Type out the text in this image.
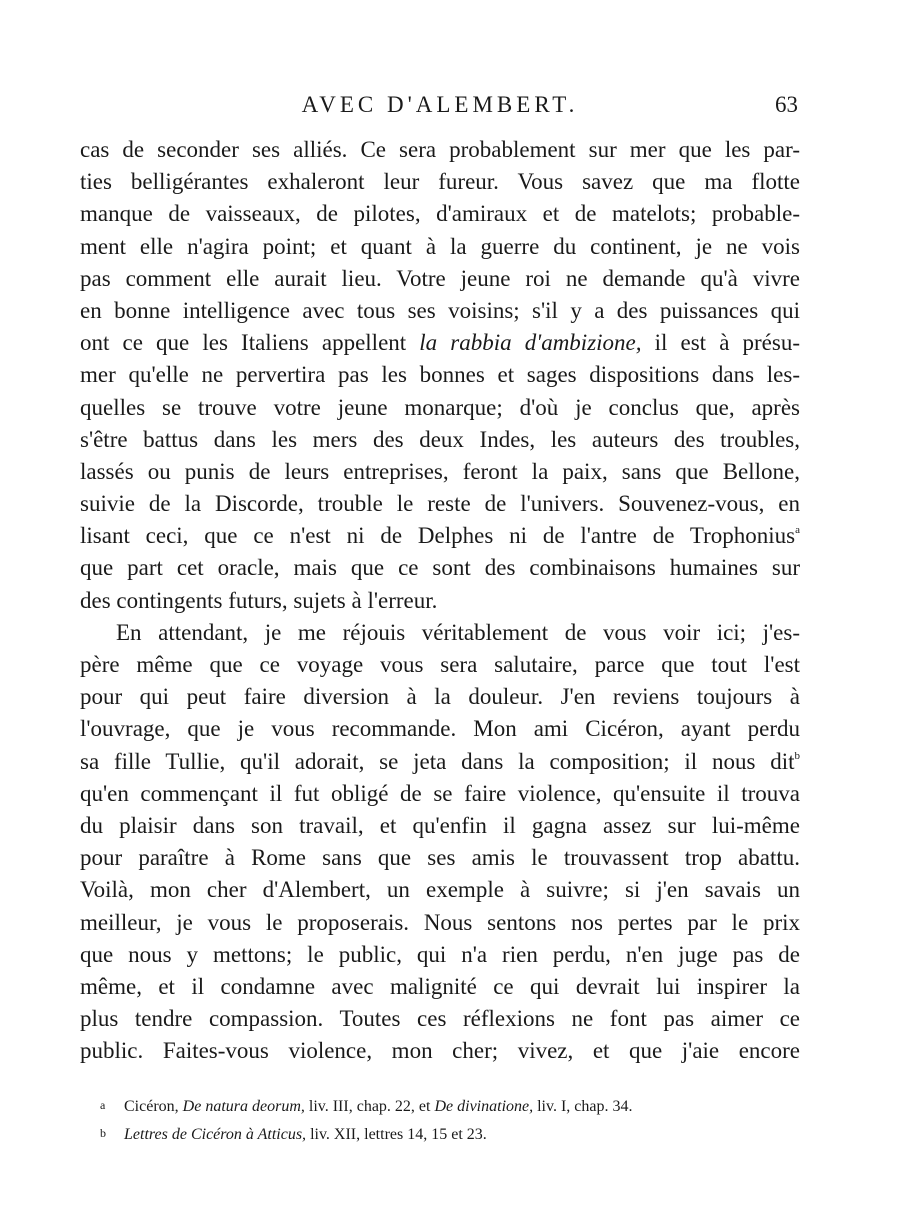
AVEC D'ALEMBERT.	63
cas de seconder ses alliés. Ce sera probablement sur mer que les par-
ties belligérantes exhaleront leur fureur. Vous savez que ma flotte
manque de vaisseaux, de pilotes, d'amiraux et de matelots; probable-
ment elle n'agira point; et quant à la guerre du continent, je ne vois
pas comment elle aurait lieu. Votre jeune roi ne demande qu'à vivre
en bonne intelligence avec tous ses voisins; s'il y a des puissances qui
ont ce que les Italiens appellent la rabbia d'ambizione, il est à présu-
mer qu'elle ne pervertira pas les bonnes et sages dispositions dans les-
quelles se trouve votre jeune monarque; d'où je conclus que, après
s'être battus dans les mers des deux Indes, les auteurs des troubles,
lassés ou punis de leurs entreprises, feront la paix, sans que Bellone,
suivie de la Discorde, trouble le reste de l'univers. Souvenez-vous, en
lisant ceci, que ce n'est ni de Delphes ni de l'antre de Trophonius$^a$
que part cet oracle, mais que ce sont des combinaisons humaines sur
des contingents futurs, sujets à l'erreur.
En attendant, je me réjouis véritablement de vous voir ici; j'es-
père même que ce voyage vous sera salutaire, parce que tout l'est
pour qui peut faire diversion à la douleur. J'en reviens toujours à
l'ouvrage, que je vous recommande. Mon ami Cicéron, ayant perdu
sa fille Tullie, qu'il adorait, se jeta dans la composition; il nous dit$^b$
qu'en commençant il fut obligé de se faire violence, qu'ensuite il trouva
du plaisir dans son travail, et qu'enfin il gagna assez sur lui-même
pour paraître à Rome sans que ses amis le trouvassent trop abattu.
Voilà, mon cher d'Alembert, un exemple à suivre; si j'en savais un
meilleur, je vous le proposerais. Nous sentons nos pertes par le prix
que nous y mettons; le public, qui n'a rien perdu, n'en juge pas de
même, et il condamne avec malignité ce qui devrait lui inspirer la
plus tendre compassion. Toutes ces réflexions ne font pas aimer ce
public. Faites-vous violence, mon cher; vivez, et que j'aie encore
a Cicéron, De natura deorum, liv. III, chap. 22, et De divinatione, liv. I, chap. 34.
b Lettres de Cicéron à Atticus, liv. XII, lettres 14, 15 et 23.
